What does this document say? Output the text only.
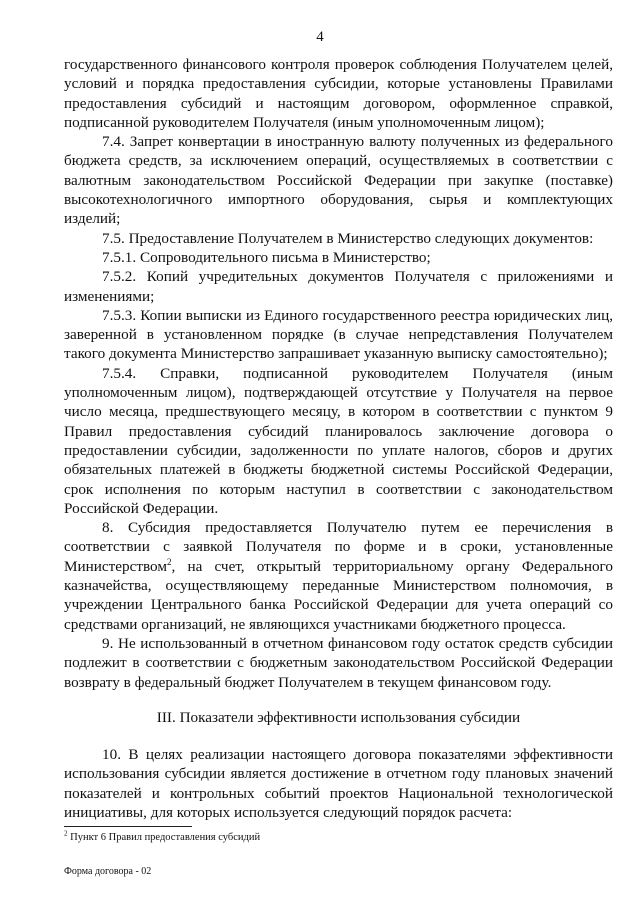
4

государственного финансового контроля проверок соблюдения Получателем целей, условий и порядка предоставления субсидии, которые установлены Правилами предоставления субсидий и настоящим договором, оформленное справкой, подписанной руководителем Получателя (иным уполномоченным лицом);

7.4. Запрет конвертации в иностранную валюту полученных из федерального бюджета средств, за исключением операций, осуществляемых в соответствии с валютным законодательством Российской Федерации при закупке (поставке) высокотехнологичного импортного оборудования, сырья и комплектующих изделий;

7.5. Предоставление Получателем в Министерство следующих документов:

7.5.1. Сопроводительного письма в Министерство;

7.5.2. Копий учредительных документов Получателя с приложениями и изменениями;

7.5.3. Копии выписки из Единого государственного реестра юридических лиц, заверенной в установленном порядке (в случае непредставления Получателем такого документа Министерство запрашивает указанную выписку самостоятельно);

7.5.4. Справки, подписанной руководителем Получателя (иным уполномоченным лицом), подтверждающей отсутствие у Получателя на первое число месяца, предшествующего месяцу, в котором в соответствии с пунктом 9 Правил предоставления субсидий планировалось заключение договора о предоставлении субсидии, задолженности по уплате налогов, сборов и других обязательных платежей в бюджеты бюджетной системы Российской Федерации, срок исполнения по которым наступил в соответствии с законодательством Российской Федерации.

8. Субсидия предоставляется Получателю путем ее перечисления в соответствии с заявкой Получателя по форме и в сроки, установленные Министерством$^2$, на счет, открытый территориальному органу Федерального казначейства, осуществляющему переданные Министерством полномочия, в учреждении Центрального банка Российской Федерации для учета операций со средствами организаций, не являющихся участниками бюджетного процесса.

9. Не использованный в отчетном финансовом году остаток средств субсидии подлежит в соответствии с бюджетным законодательством Российской Федерации возврату в федеральный бюджет Получателем в текущем финансовом году.

III. Показатели эффективности использования субсидии

10. В целях реализации настоящего договора показателями эффективности использования субсидии является достижение в отчетном году плановых значений показателей и контрольных событий проектов Национальной технологической инициативы, для которых используется следующий порядок расчета:

$^2$ Пункт 6 Правил предоставления субсидий
Форма договора - 02
